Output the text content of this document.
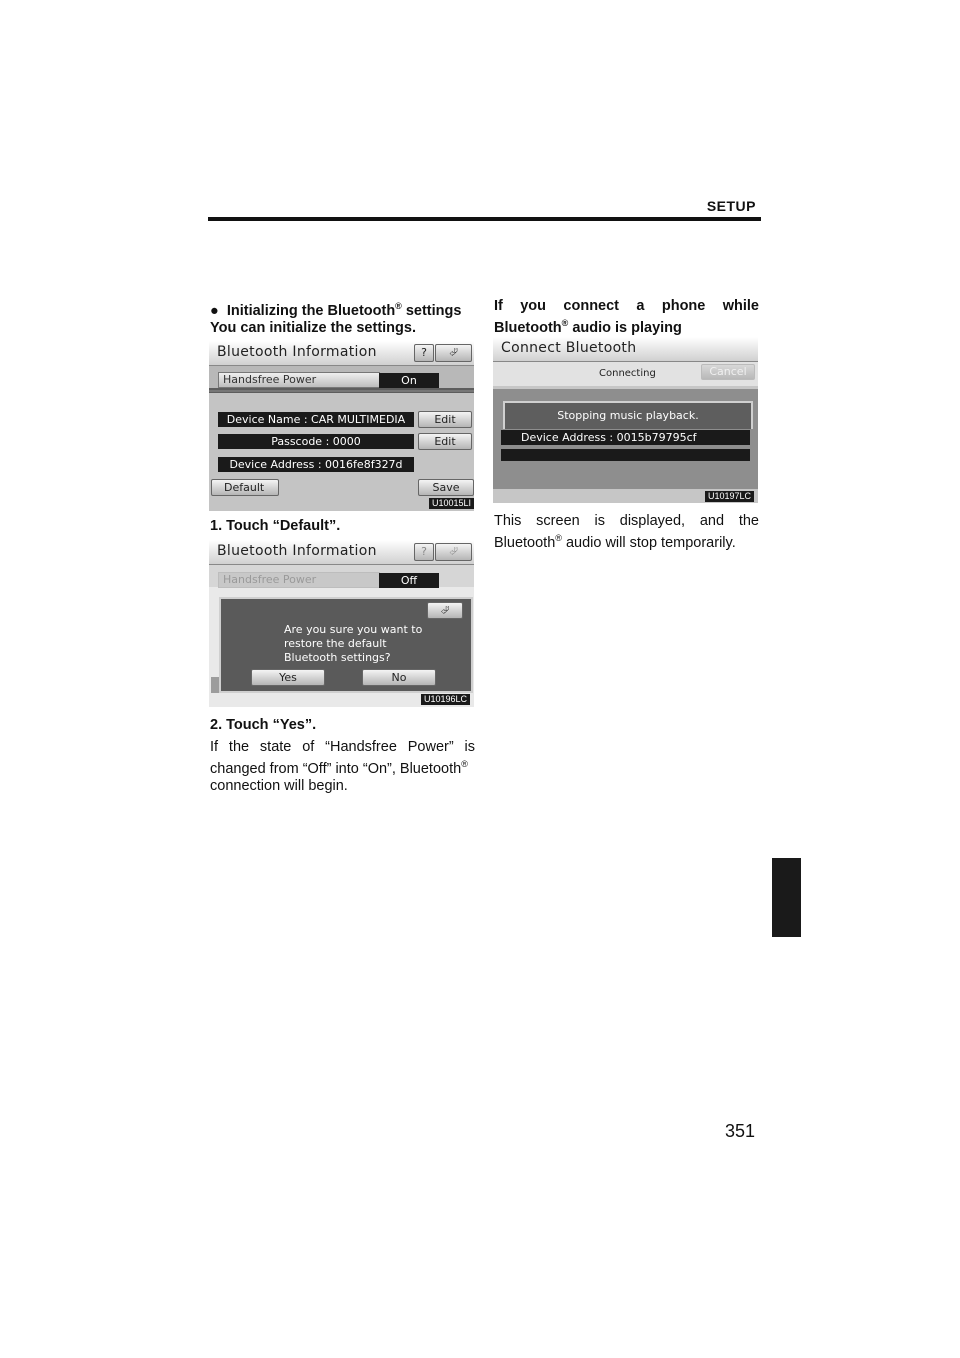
SETUP
● Initializing the Bluetooth® settings
You can initialize the settings.
Bluetooth Information	?	⮰
Handsfree Power	On
Device Name : CAR MULTIMEDIA	Edit
Passcode : 0000	Edit
Device Address : 0016fe8f327d
Default	Save
U10015LI
1. Touch “Default”.
Bluetooth Information	?	⮰
Handsfree Power	Off
⮰
Are you sure you want to
restore the default
Bluetooth settings?
Yes	No
U10196LC
2. Touch “Yes”.
If the state of “Handsfree Power” is
changed from “Off” into “On”, Bluetooth®
connection will begin.
If you connect a phone while
Bluetooth® audio is playing
Connect Bluetooth
Connecting	Cancel
Stopping music playback.
Device Address : 0015b79795cf
U10197LC
This screen is displayed, and the
Bluetooth® audio will stop temporarily.
351
